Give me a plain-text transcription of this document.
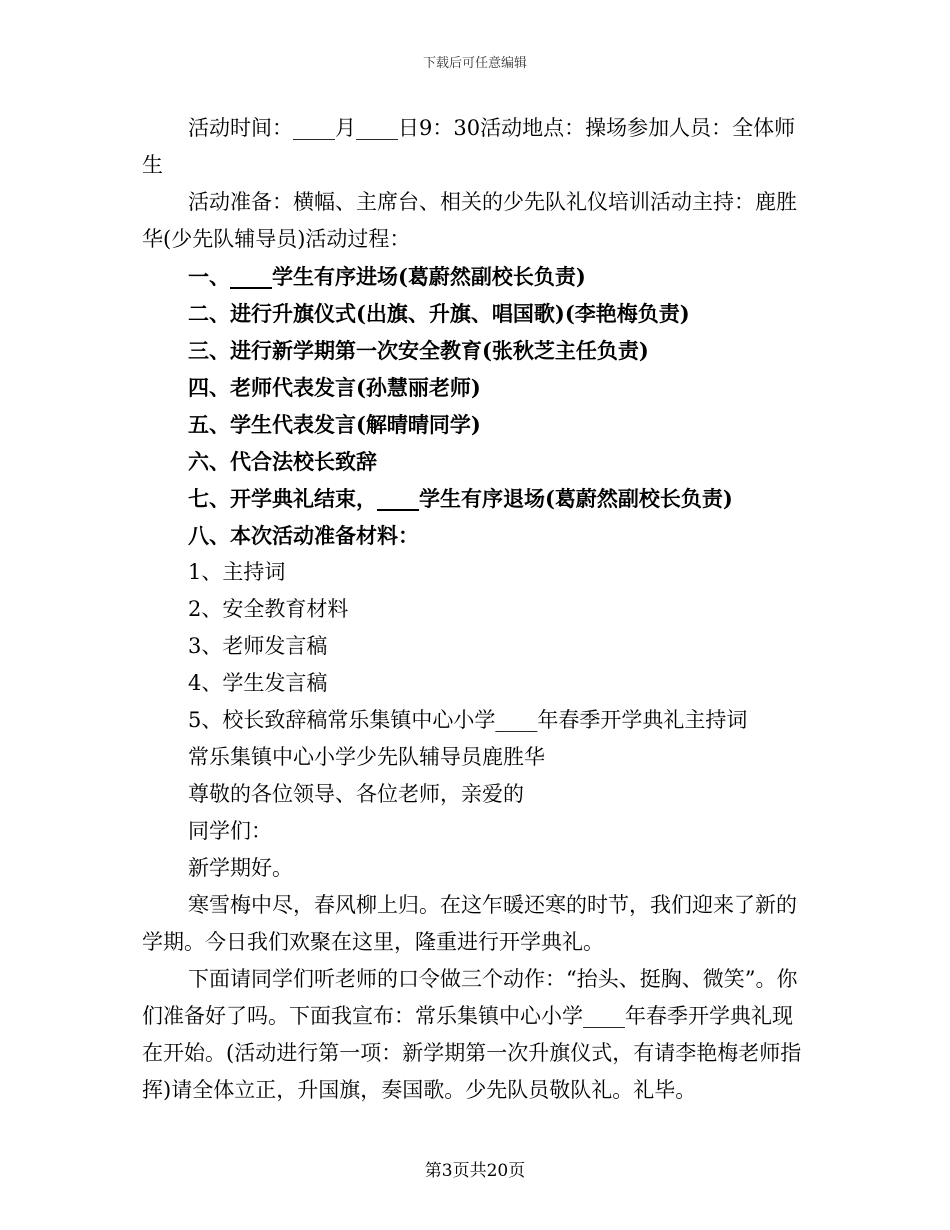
下载后可任意编辑

活动时间：____月____日9：30活动地点：操场参加人员：全体师生

活动准备：横幅、主席台、相关的少先队礼仪培训活动主持：鹿胜华(少先队辅导员)活动过程：

一、____学生有序进场(葛蔚然副校长负责)

二、进行升旗仪式(出旗、升旗、唱国歌)(李艳梅负责)

三、进行新学期第一次安全教育(张秋芝主任负责)

四、老师代表发言(孙慧丽老师)

五、学生代表发言(解晴晴同学)

六、代合法校长致辞

七、开学典礼结束，____学生有序退场(葛蔚然副校长负责)

八、本次活动准备材料：

1、主持词

2、安全教育材料

3、老师发言稿

4、学生发言稿

5、校长致辞稿常乐集镇中心小学____年春季开学典礼主持词

常乐集镇中心小学少先队辅导员鹿胜华

尊敬的各位领导、各位老师，亲爱的

同学们：

新学期好。

寒雪梅中尽，春风柳上归。在这乍暖还寒的时节，我们迎来了新的学期。今日我们欢聚在这里，隆重进行开学典礼。

下面请同学们听老师的口令做三个动作：“抬头、挺胸、微笑”。你们准备好了吗。下面我宣布：常乐集镇中心小学____年春季开学典礼现在开始。(活动进行第一项：新学期第一次升旗仪式，有请李艳梅老师指挥)请全体立正，升国旗，奏国歌。少先队员敬队礼。礼毕。

第3页共20页
